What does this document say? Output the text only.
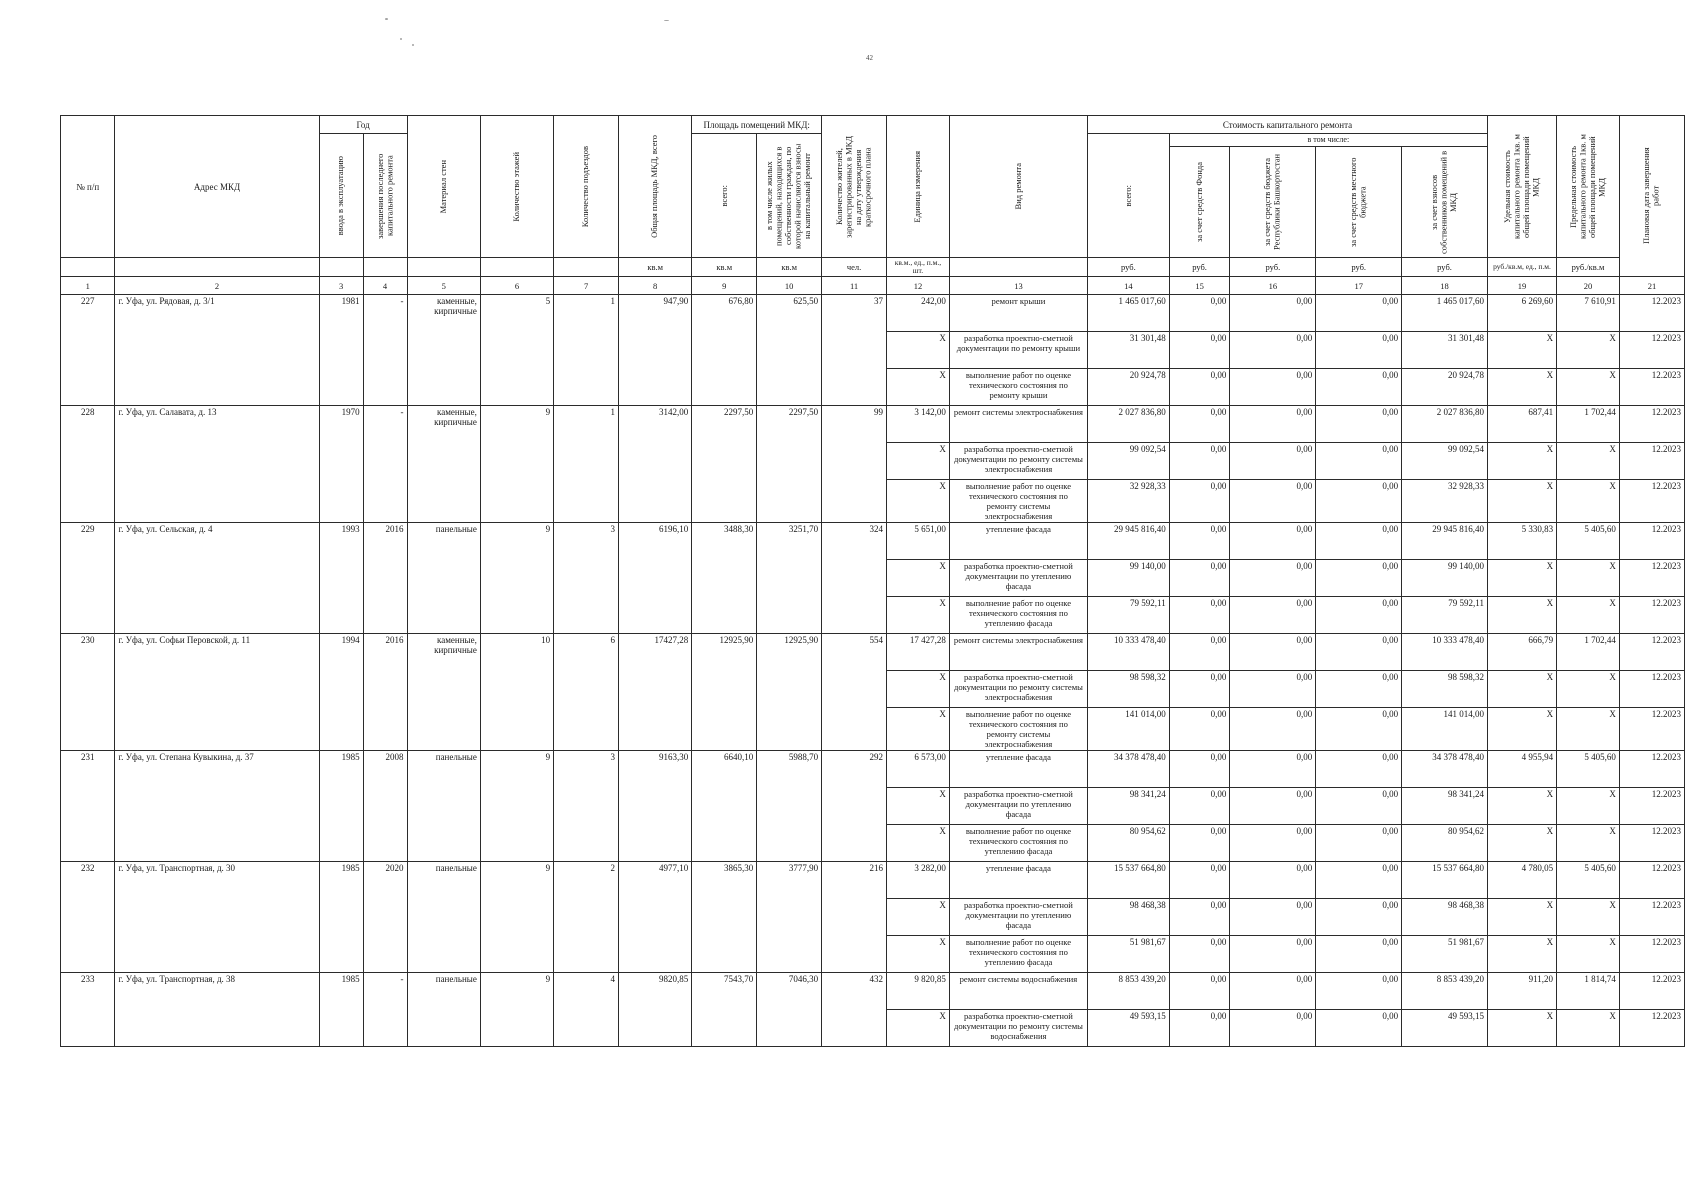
42
№ п/п	Адрес МКД	Год		Материал стен	Количество этажей	Количество подъездов	Общая площадь МКД, всего	Площадь помещений МКД:		Количество жителей, зарегистрированных в МКД на дату утверждения краткосрочного плана	Единица измерения	Вид ремонта	Стоимость капитального ремонта					Удельная стоимость капитального ремонта 1кв. м общей площади помещений МКД	Предельная стоимость капитального ремонта 1кв. м общей площади помещений МКД	Плановая дата завершения работ

		ввода в эксплуатацию	завершения последнего капитального ремонта					всего:	в том числе жилых помещений, находящихся в собственности граждан, по которой начисляются взносы на капитальный ремонт				всего:	в том числе:						

														за счет средств Фонда	за счет средств бюджета Республики Башкортостан	за счет средств местного бюджета	за счет взносов собственников помещений в МКД			

							кв.м	кв.м	кв.м	чел.	кв.м., ед., п.м., шт.		руб.	руб.	руб.	руб.	руб.	руб./кв.м, ед., п.м.	руб./кв.м	
1	2	3	4	5	6	7	8	9	10	11	12	13	14	15	16	17	18	19	20	21
227	г. Уфа, ул. Рядовая, д. 3/1	1981	-	каменные, кирпичные	5	1	947,90	676,80	625,50	37	242,00	ремонт крыши	1 465 017,60	0,00	0,00	0,00	1 465 017,60	6 269,60	7 610,91	12.2023
											X	разработка проектно-сметной документации по ремонту крыши	31 301,48	0,00	0,00	0,00	31 301,48	X	X	12.2023
											X	выполнение работ по оценке технического состояния по ремонту крыши	20 924,78	0,00	0,00	0,00	20 924,78	X	X	12.2023
228	г. Уфа, ул. Салавата, д. 13	1970	-	каменные, кирпичные	9	1	3142,00	2297,50	2297,50	99	3 142,00	ремонт системы электроснабжения	2 027 836,80	0,00	0,00	0,00	2 027 836,80	687,41	1 702,44	12.2023
											X	разработка проектно-сметной документации по ремонту системы электроснабжения	99 092,54	0,00	0,00	0,00	99 092,54	X	X	12.2023
											X	выполнение работ по оценке технического состояния по ремонту системы электроснабжения	32 928,33	0,00	0,00	0,00	32 928,33	X	X	12.2023
229	г. Уфа, ул. Сельская, д. 4	1993	2016	панельные	9	3	6196,10	3488,30	3251,70	324	5 651,00	утепление фасада	29 945 816,40	0,00	0,00	0,00	29 945 816,40	5 330,83	5 405,60	12.2023
											X	разработка проектно-сметной документации по утеплению фасада	99 140,00	0,00	0,00	0,00	99 140,00	X	X	12.2023
											X	выполнение работ по оценке технического состояния по утеплению фасада	79 592,11	0,00	0,00	0,00	79 592,11	X	X	12.2023
230	г. Уфа, ул. Софьи Перовской, д. 11	1994	2016	каменные, кирпичные	10	6	17427,28	12925,90	12925,90	554	17 427,28	ремонт системы электроснабжения	10 333 478,40	0,00	0,00	0,00	10 333 478,40	666,79	1 702,44	12.2023
											X	разработка проектно-сметной документации по ремонту системы электроснабжения	98 598,32	0,00	0,00	0,00	98 598,32	X	X	12.2023
											X	выполнение работ по оценке технического состояния по ремонту системы электроснабжения	141 014,00	0,00	0,00	0,00	141 014,00	X	X	12.2023
231	г. Уфа, ул. Степана Кувыкина, д. 37	1985	2008	панельные	9	3	9163,30	6640,10	5988,70	292	6 573,00	утепление фасада	34 378 478,40	0,00	0,00	0,00	34 378 478,40	4 955,94	5 405,60	12.2023
											X	разработка проектно-сметной документации по утеплению фасада	98 341,24	0,00	0,00	0,00	98 341,24	X	X	12.2023
											X	выполнение работ по оценке технического состояния по утеплению фасада	80 954,62	0,00	0,00	0,00	80 954,62	X	X	12.2023
232	г. Уфа, ул. Транспортная, д. 30	1985	2020	панельные	9	2	4977,10	3865,30	3777,90	216	3 282,00	утепление фасада	15 537 664,80	0,00	0,00	0,00	15 537 664,80	4 780,05	5 405,60	12.2023
											X	разработка проектно-сметной документации по утеплению фасада	98 468,38	0,00	0,00	0,00	98 468,38	X	X	12.2023
											X	выполнение работ по оценке технического состояния по утеплению фасада	51 981,67	0,00	0,00	0,00	51 981,67	X	X	12.2023
233	г. Уфа, ул. Транспортная, д. 38	1985	-	панельные	9	4	9820,85	7543,70	7046,30	432	9 820,85	ремонт системы водоснабжения	8 853 439,20	0,00	0,00	0,00	8 853 439,20	911,20	1 814,74	12.2023
											X	разработка проектно-сметной документации по ремонту системы водоснабжения	49 593,15	0,00	0,00	0,00	49 593,15	X	X	12.2023
